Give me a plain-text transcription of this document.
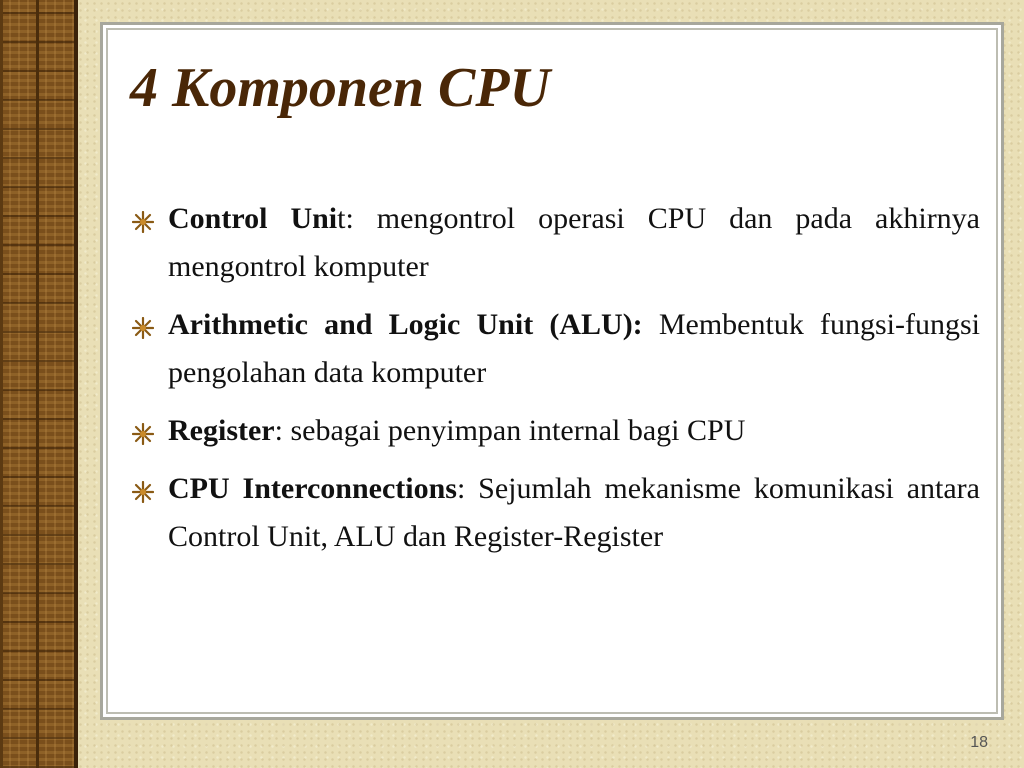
4 Komponen CPU
Control Unit: mengontrol operasi CPU dan pada akhirnya mengontrol komputer
Arithmetic and Logic Unit (ALU): Membentuk fungsi-fungsi pengolahan data komputer
Register: sebagai penyimpan internal bagi CPU
CPU Interconnections: Sejumlah mekanisme komunikasi antara Control Unit, ALU dan Register-Register
18
